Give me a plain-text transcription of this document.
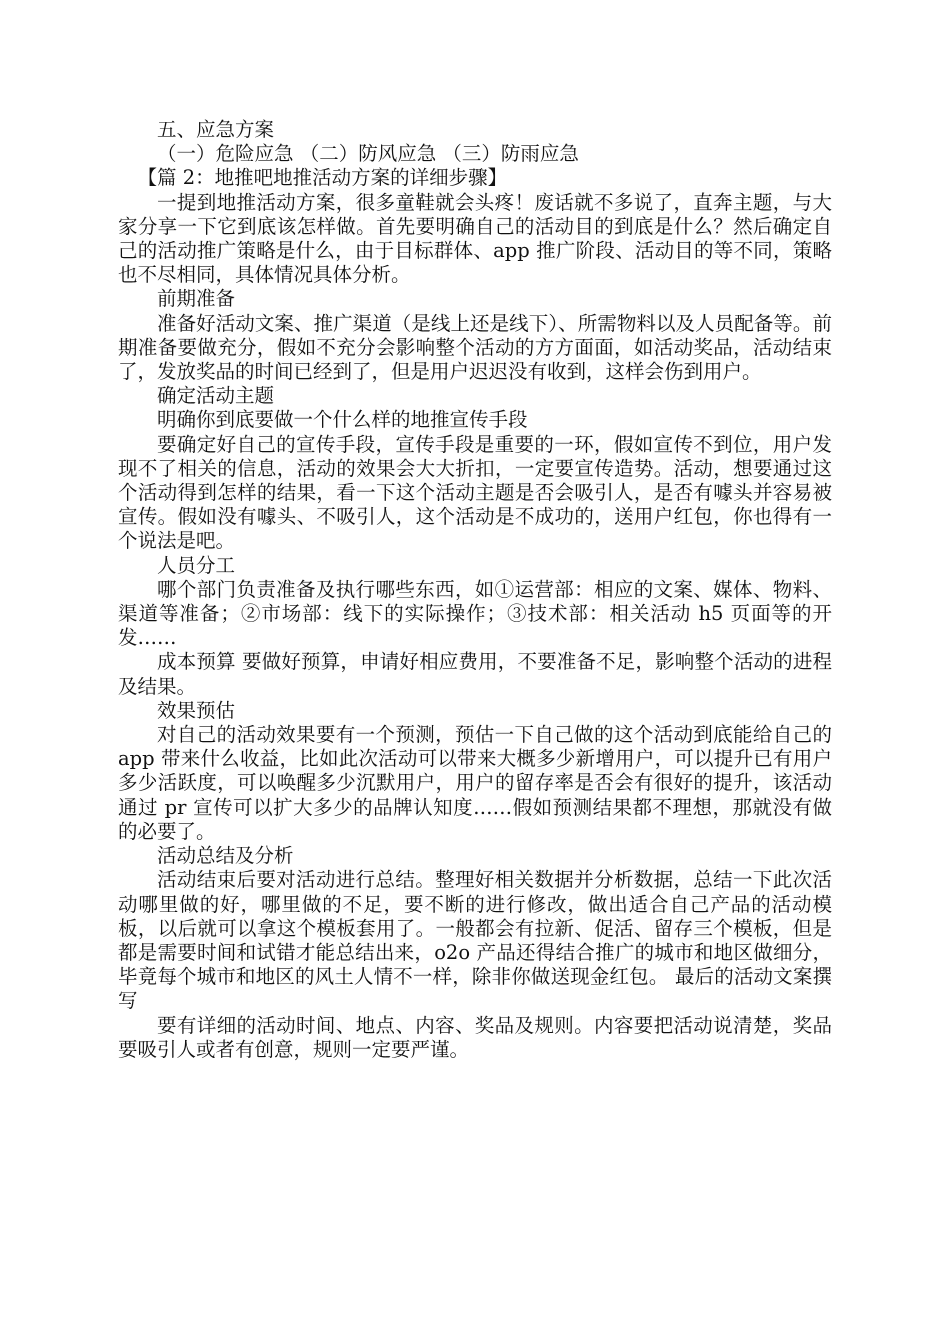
五、应急方案

（一）危险应急 （二）防风应急 （三）防雨应急

【篇 2：地推吧地推活动方案的详细步骤】

一提到地推活动方案，很多童鞋就会头疼！废话就不多说了，直奔主题，与大家分享一下它到底该怎样做。首先要明确自己的活动目的到底是什么？然后确定自己的活动推广策略是什么，由于目标群体、app 推广阶段、活动目的等不同，策略也不尽相同，具体情况具体分析。

前期准备

准备好活动文案、推广渠道（是线上还是线下）、所需物料以及人员配备等。前期准备要做充分，假如不充分会影响整个活动的方方面面，如活动奖品，活动结束了，发放奖品的时间已经到了，但是用户迟迟没有收到，这样会伤到用户。

确定活动主题

明确你到底要做一个什么样的地推宣传手段

要确定好自己的宣传手段，宣传手段是重要的一环，假如宣传不到位，用户发现不了相关的信息，活动的效果会大大折扣，一定要宣传造势。活动，想要通过这个活动得到怎样的结果，看一下这个活动主题是否会吸引人，是否有噱头并容易被宣传。假如没有噱头、不吸引人，这个活动是不成功的，送用户红包，你也得有一个说法是吧。

人员分工

哪个部门负责准备及执行哪些东西，如①运营部：相应的文案、媒体、物料、渠道等准备；②市场部：线下的实际操作；③技术部：相关活动 h5 页面等的开发……

成本预算 要做好预算，申请好相应费用，不要准备不足，影响整个活动的进程及结果。

效果预估

对自己的活动效果要有一个预测，预估一下自己做的这个活动到底能给自己的 app 带来什么收益，比如此次活动可以带来大概多少新增用户，可以提升已有用户多少活跃度，可以唤醒多少沉默用户，用户的留存率是否会有很好的提升，该活动通过 pr 宣传可以扩大多少的品牌认知度……假如预测结果都不理想，那就没有做的必要了。

活动总结及分析

活动结束后要对活动进行总结。整理好相关数据并分析数据，总结一下此次活动哪里做的好，哪里做的不足，要不断的进行修改，做出适合自己产品的活动模板，以后就可以拿这个模板套用了。一般都会有拉新、促活、留存三个模板，但是都是需要时间和试错才能总结出来，o2o 产品还得结合推广的城市和地区做细分，毕竟每个城市和地区的风土人情不一样，除非你做送现金红包。 最后的活动文案撰写

要有详细的活动时间、地点、内容、奖品及规则。内容要把活动说清楚，奖品要吸引人或者有创意，规则一定要严谨。
